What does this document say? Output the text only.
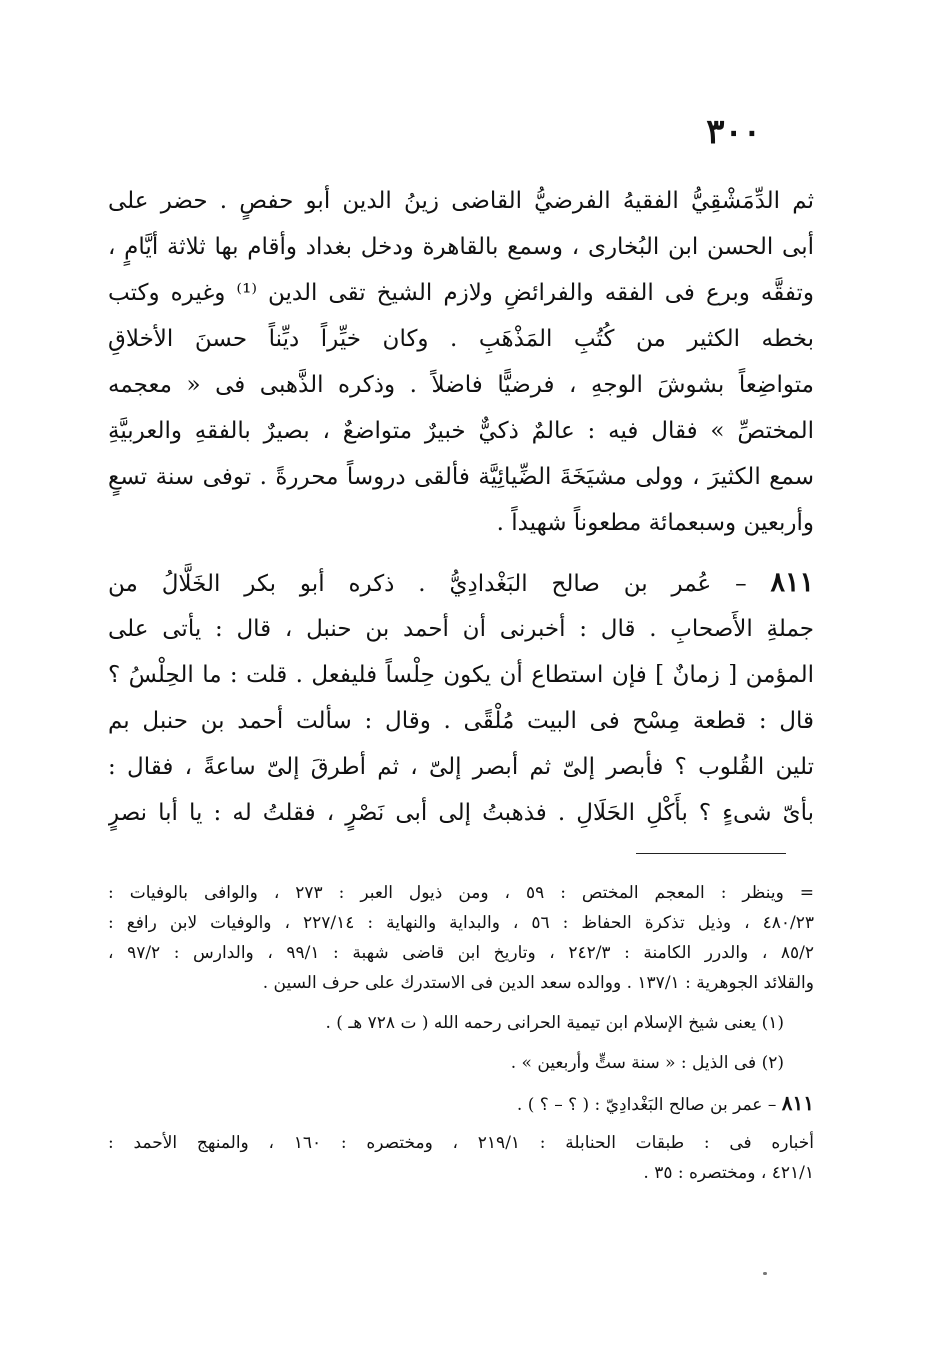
٣٠٠
ثم الدِّمَشْقِيُّ الفقيهُ الفرضيُّ القاضى زينُ الدين أبو حفصٍ . حضر على
أبى الحسن ابن البُخارى ، وسمع بالقاهرة ودخل بغداد وأقام بها ثلاثة أيَّامٍ ،
وتفقَّه وبرع فى الفقه والفرائضِ ولازم الشيخ تقى الدين ⁽¹⁾ وغيره وكتب
بخطه الكثير من كُتُبِ المَذْهَبِ . وكان خيِّراً ديِّناً حسنَ الأخلاقِ
متواضِعاً بشوشَ الوجهِ ، فرضيًّا فاضلاً . وذكره الذَّهبى فى « معجمه
المختصِّ » فقال فيه : عالمٌ ذكيٌّ خبيرٌ متواضعٌ ، بصيرٌ بالفقهِ والعربيَّةِ
سمع الكثيرَ ، وولى مشيَخَةَ الضِّيائِيَّة فألقى دروساً محررةً . توفى سنة تسعٍ
وأربعين وسبعمائة مطعوناً شهيداً .
٨١١ – عُمر بن صالح البَغْدادِيُّ . ذكره أبو بكر الخَلَّالُ من
جملةِ الأَصحابِ . قال : أخبرنى أن أحمد بن حنبل ، قال : يأتى على
المؤمن [ زمانٌ ] فإن استطاع أن يكون حِلْساً فليفعل . قلت : ما الحِلْسُ ؟
قال : قطعة مِسْح فى البيت مُلْقًى . وقال : سألت أحمد بن حنبل بم
تلين القُلوب ؟ فأبصر إلىّ ثم أبصر إلىّ ، ثم أطرقَ إلىّ ساعةً ، فقال :
بأىّ شىءٍ ؟ بأَكْلِ الحَلَالِ . فذهبتُ إلى أبى نَصْرٍ ، فقلتُ له : يا أبا نصرٍ
= وينظر : المعجم المختص : ٥٩ ، ومن ذيول العبر : ٢٧٣ ، والوافى بالوفيات :
٤٨٠/٢٣ ، وذيل تذكرة الحفاظ : ٥٦ ، والبداية والنهاية : ٢٢٧/١٤ ، والوفيات لابن رافع :
٨٥/٢ ، والدرر الكامنة : ٢٤٢/٣ ، وتاريخ ابن قاضى شهبة : ٩٩/١ ، والدارس : ٩٧/٢ ،
والقلائد الجوهرية : ١٣٧/١ . ووالده سعد الدين فى الاستدرك على حرف السين .
(١) يعنى شيخ الإسلام ابن تيمية الحرانى رحمه الله ( ت ٧٢٨ هـ ) .
(٢) فى الذيل : « سنة ستٍّ وأربعين » .
٨١١ – عمر بن صالح البَغْدادِيّ : ( ؟ – ؟ ) .
أخباره فى : طبقات الحنابلة : ٢١٩/١ ، ومختصره : ١٦٠ ، والمنهج الأحمد :
٤٢١/١ ، ومختصره : ٣٥ .
